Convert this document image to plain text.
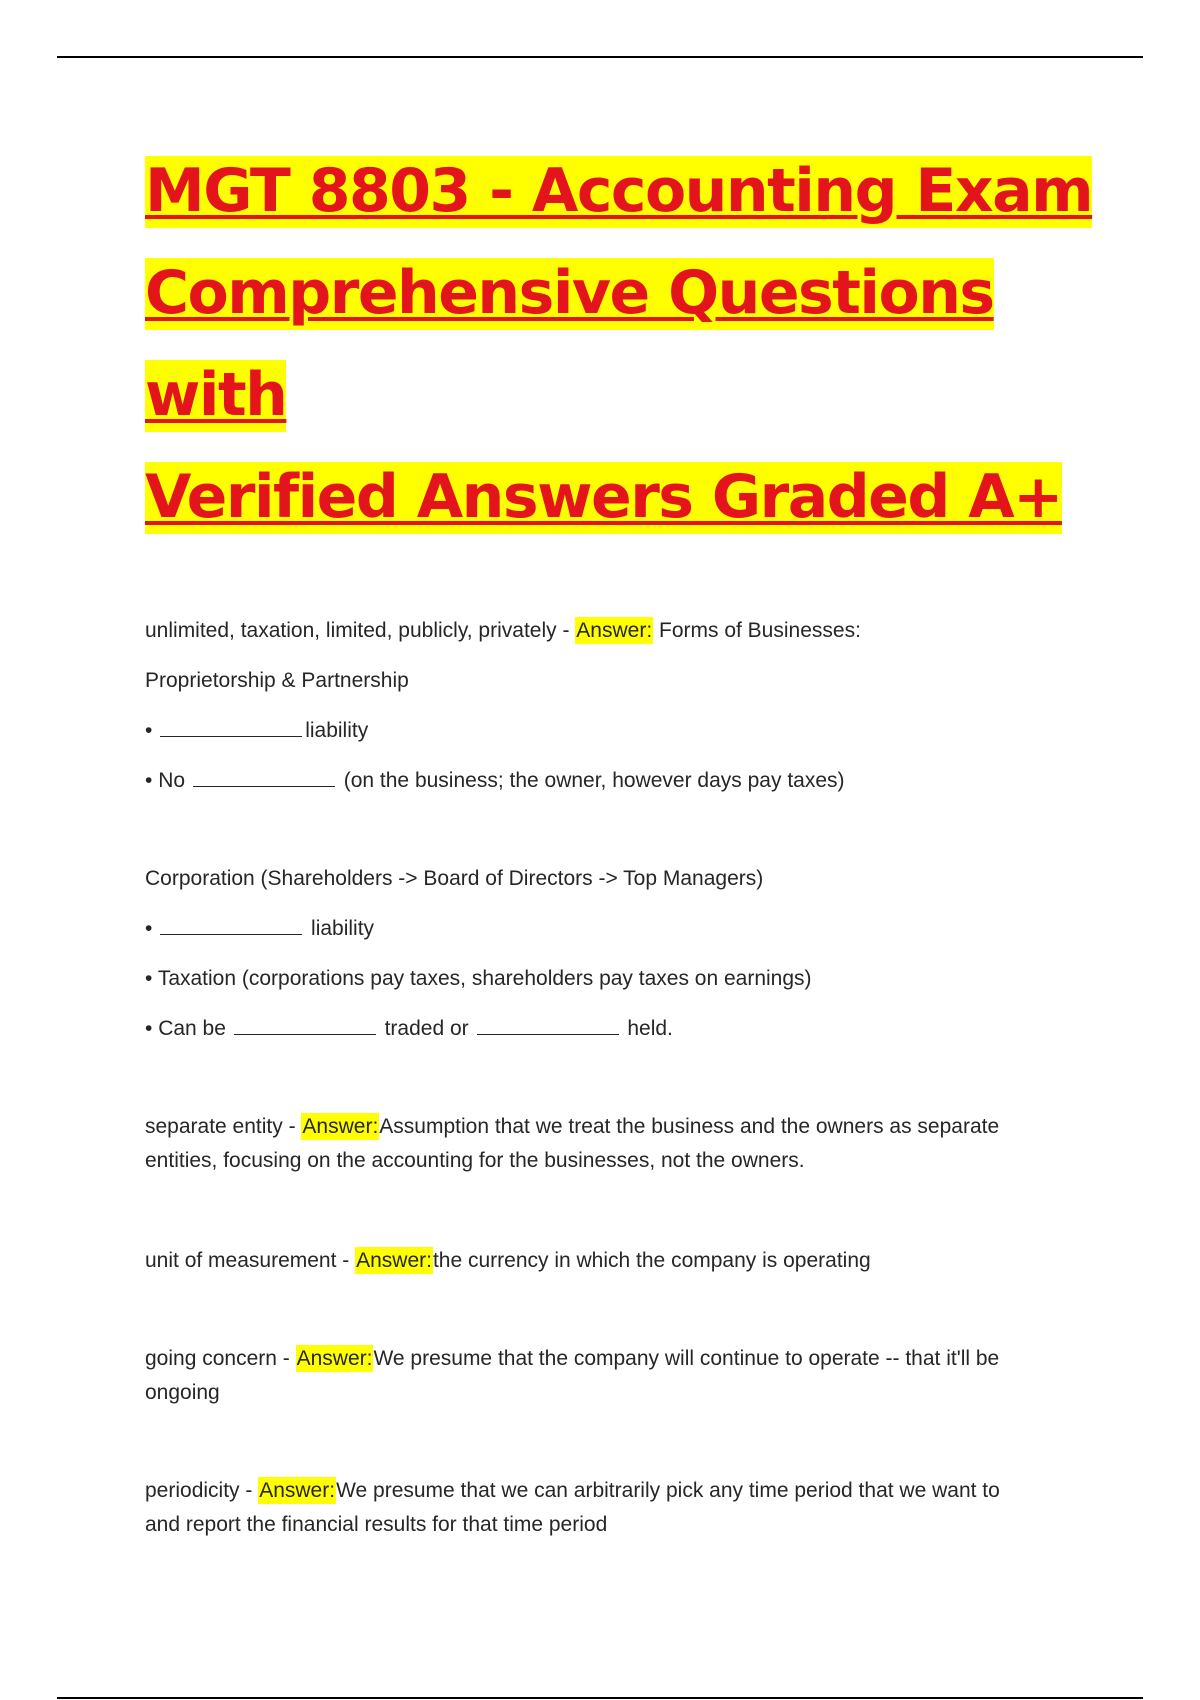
MGT 8803 - Accounting Exam
Comprehensive Questions with
Verified Answers Graded A+

unlimited, taxation, limited, publicly, privately - Answer: Forms of Businesses:

Proprietorship & Partnership

•	liability

• No	(on the business; the owner, however days pay taxes)

Corporation (Shareholders -> Board of Directors -> Top Managers)

•	liability

• Taxation (corporations pay taxes, shareholders pay taxes on earnings)

• Can be	traded or	held.

separate entity - Answer:Assumption that we treat the business and the owners as separate

entities, focusing on the accounting for the businesses, not the owners.

unit of measurement - Answer:the currency in which the company is operating

going concern - Answer:We presume that the company will continue to operate -- that it'll be

ongoing

periodicity - Answer:We presume that we can arbitrarily pick any time period that we want to

and report the financial results for that time period
